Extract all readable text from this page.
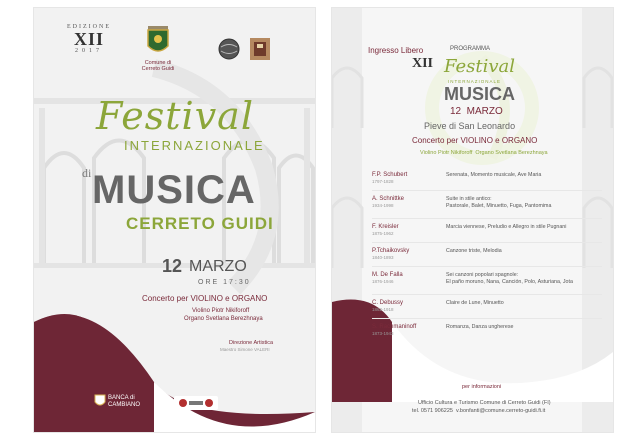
EDIZIONE
XII
2017
Comune di
Cerreto Guidi
Festival
INTERNAZIONALE
di MUSICA
CERRETO GUIDI
12 MARZO
ORE 17:30
Concerto per VIOLINO e ORGANO
Violino Piotr Nikiforoff
Organo Svetlana Berezhnaya
Direzione Artistica
Maestro Simone VALERI
BANCA di CAMBIANO
Ingresso Libero	PROGRAMMA
XII Festival
INTERNAZIONALE
MUSICA
12  MARZO
Pieve di San Leonardo
Concerto per VIOLINO e ORGANO
Violino Piotr Nikiforoff  Organo Svetlana Berezhnaya
F.P. Schubert
1797-1828
Serenata, Momento musicale, Ave Maria
A. Schnittke
1934-1998
Suite in stile antico:
Pastorale, Balet, Minuetto, Fuga, Pantomima
F. Kreisler
1875-1962
Marcia viennese, Preludio e Allegro in stile Pugnani
P.Tchaikovsky
1840-1893
Canzone triste, Melodia
M. De Falla
1876-1946
Sei canzoni popolari spagnole:
El paño moruno, Nana, Canción, Polo, Asturiana, Jota
C. Debussy
1862-1918
Claire de Lune, Minuetto
S. Rachmaninoff
1873-1943
Romanza, Danza ungherese
per informazioni
Ufficio Cultura e Turismo Comune di Cerreto Guidi (FI)
tel. 0571 906225  v.bonfanti@comune.cerreto-guidi.fi.it
